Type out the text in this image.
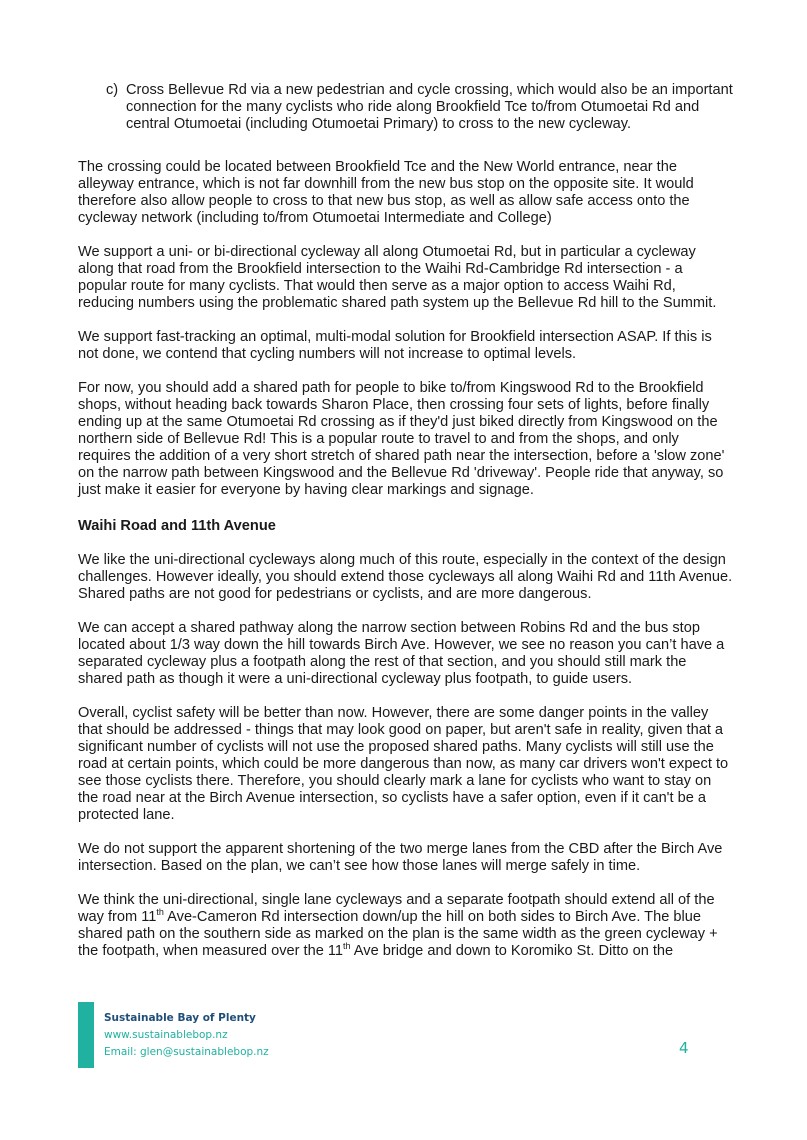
c) Cross Bellevue Rd via a new pedestrian and cycle crossing, which would also be an important connection for the many cyclists who ride along Brookfield Tce to/from Otumoetai Rd and central Otumoetai (including Otumoetai Primary) to cross to the new cycleway.

The crossing could be located between Brookfield Tce and the New World entrance, near the alleyway entrance, which is not far downhill from the new bus stop on the opposite site. It would therefore also allow people to cross to that new bus stop, as well as allow safe access onto the cycleway network (including to/from Otumoetai Intermediate and College)

We support a uni- or bi-directional cycleway all along Otumoetai Rd, but in particular a cycleway along that road from the Brookfield intersection to the Waihi Rd-Cambridge Rd intersection - a popular route for many cyclists. That would then serve as a major option to access Waihi Rd, reducing numbers using the problematic shared path system up the Bellevue Rd hill to the Summit.

We support fast-tracking an optimal, multi-modal solution for Brookfield intersection ASAP. If this is not done, we contend that cycling numbers will not increase to optimal levels.

For now, you should add a shared path for people to bike to/from Kingswood Rd to the Brookfield shops, without heading back towards Sharon Place, then crossing four sets of lights, before finally ending up at the same Otumoetai Rd crossing as if they'd just biked directly from Kingswood on the northern side of Bellevue Rd! This is a popular route to travel to and from the shops, and only requires the addition of a very short stretch of shared path near the intersection, before a 'slow zone' on the narrow path between Kingswood and the Bellevue Rd 'driveway'. People ride that anyway, so just make it easier for everyone by having clear markings and signage.

Waihi Road and 11th Avenue

We like the uni-directional cycleways along much of this route, especially in the context of the design challenges. However ideally, you should extend those cycleways all along Waihi Rd and 11th Avenue. Shared paths are not good for pedestrians or cyclists, and are more dangerous.

We can accept a shared pathway along the narrow section between Robins Rd and the bus stop located about 1/3 way down the hill towards Birch Ave. However, we see no reason you can’t have a separated cycleway plus a footpath along the rest of that section, and you should still mark the shared path as though it were a uni-directional cycleway plus footpath, to guide users.

Overall, cyclist safety will be better than now. However, there are some danger points in the valley that should be addressed - things that may look good on paper, but aren't safe in reality, given that a significant number of cyclists will not use the proposed shared paths. Many cyclists will still use the road at certain points, which could be more dangerous than now, as many car drivers won't expect to see those cyclists there. Therefore, you should clearly mark a lane for cyclists who want to stay on the road near at the Birch Avenue intersection, so cyclists have a safer option, even if it can't be a protected lane.

We do not support the apparent shortening of the two merge lanes from the CBD after the Birch Ave intersection. Based on the plan, we can’t see how those lanes will merge safely in time.

We think the uni-directional, single lane cycleways and a separate footpath should extend all of the way from 11th Ave-Cameron Rd intersection down/up the hill on both sides to Birch Ave. The blue shared path on the southern side as marked on the plan is the same width as the green cycleway + the footpath, when measured over the 11th Ave bridge and down to Koromiko St. Ditto on the

Sustainable Bay of Plenty
www.sustainablebop.nz
Email: glen@sustainablebop.nz	4
